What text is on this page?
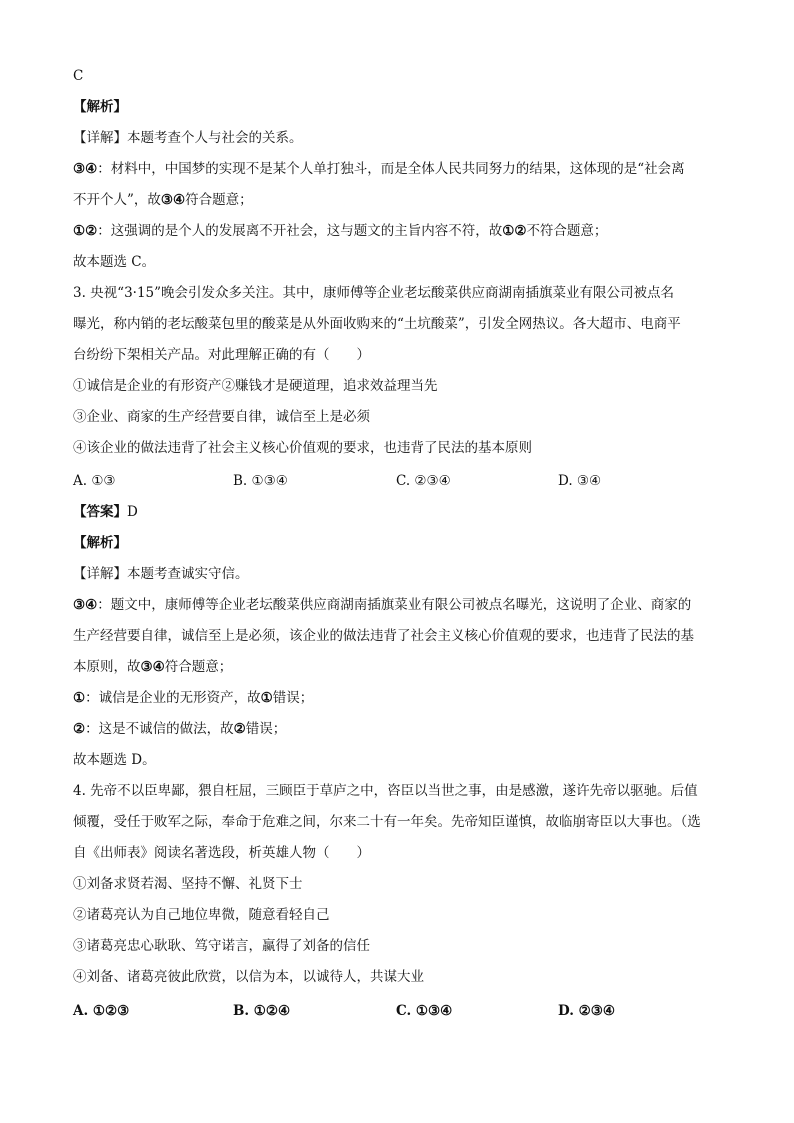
C
【解析】
【详解】本题考查个人与社会的关系。
③④：材料中，中国梦的实现不是某个人单打独斗，而是全体人民共同努力的结果，这体现的是“社会离
不开个人”，故③④符合题意；
①②：这强调的是个人的发展离不开社会，这与题文的主旨内容不符，故①②不符合题意；
故本题选 C。
3. 央视“3·15”晚会引发众多关注。其中，康师傅等企业老坛酸菜供应商湖南插旗菜业有限公司被点名
曝光，称内销的老坛酸菜包里的酸菜是从外面收购来的“土坑酸菜”，引发全网热议。各大超市、电商平
台纷纷下架相关产品。对此理解正确的有（　　）
①诚信是企业的有形资产②赚钱才是硬道理，追求效益理当先
③企业、商家的生产经营要自律，诚信至上是必须
④该企业的做法违背了社会主义核心价值观的要求，也违背了民法的基本原则
A. ①③	B. ①③④	C. ②③④	D. ③④
【答案】D
【解析】
【详解】本题考查诚实守信。
③④：题文中，康师傅等企业老坛酸菜供应商湖南插旗菜业有限公司被点名曝光，这说明了企业、商家的
生产经营要自律，诚信至上是必须，该企业的做法违背了社会主义核心价值观的要求，也违背了民法的基
本原则，故③④符合题意；
①：诚信是企业的无形资产，故①错误；
②：这是不诚信的做法，故②错误；
故本题选 D。
4. 先帝不以臣卑鄙，猥自枉屈，三顾臣于草庐之中，咨臣以当世之事，由是感激，遂许先帝以驱驰。后值
倾覆，受任于败军之际，奉命于危难之间，尔来二十有一年矣。先帝知臣谨慎，故临崩寄臣以大事也。（选
自《出师表》阅读名著选段，析英雄人物（　　）
①刘备求贤若渴、坚持不懈、礼贤下士
②诸葛亮认为自己地位卑微，随意看轻自己
③诸葛亮忠心耿耿、笃守诺言，赢得了刘备的信任
④刘备、诸葛亮彼此欣赏，以信为本，以诚待人，共谋大业
A. ①②③	B. ①②④	C. ①③④	D. ②③④
